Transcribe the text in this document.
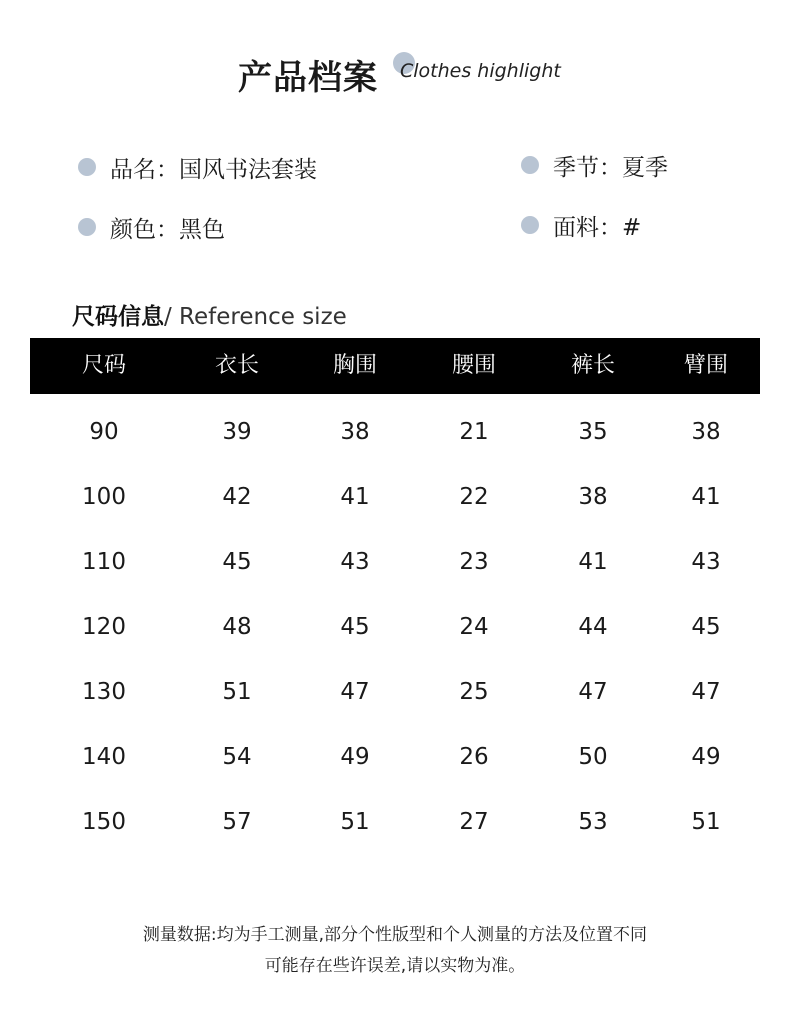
产品档案 Clothes highlight
品名：国风书法套装	季节：夏季
颜色：黑色	面料：#
尺码信息/ Reference size
尺码	衣长	胸围	腰围	裤长	臂围
90	39	38	21	35	38
100	42	41	22	38	41
110	45	43	23	41	43
120	48	45	24	44	45
130	51	47	25	47	47
140	54	49	26	50	49
150	57	51	27	53	51
测量数据:均为手工测量,部分个性版型和个人测量的方法及位置不同
可能存在些许误差,请以实物为准。
